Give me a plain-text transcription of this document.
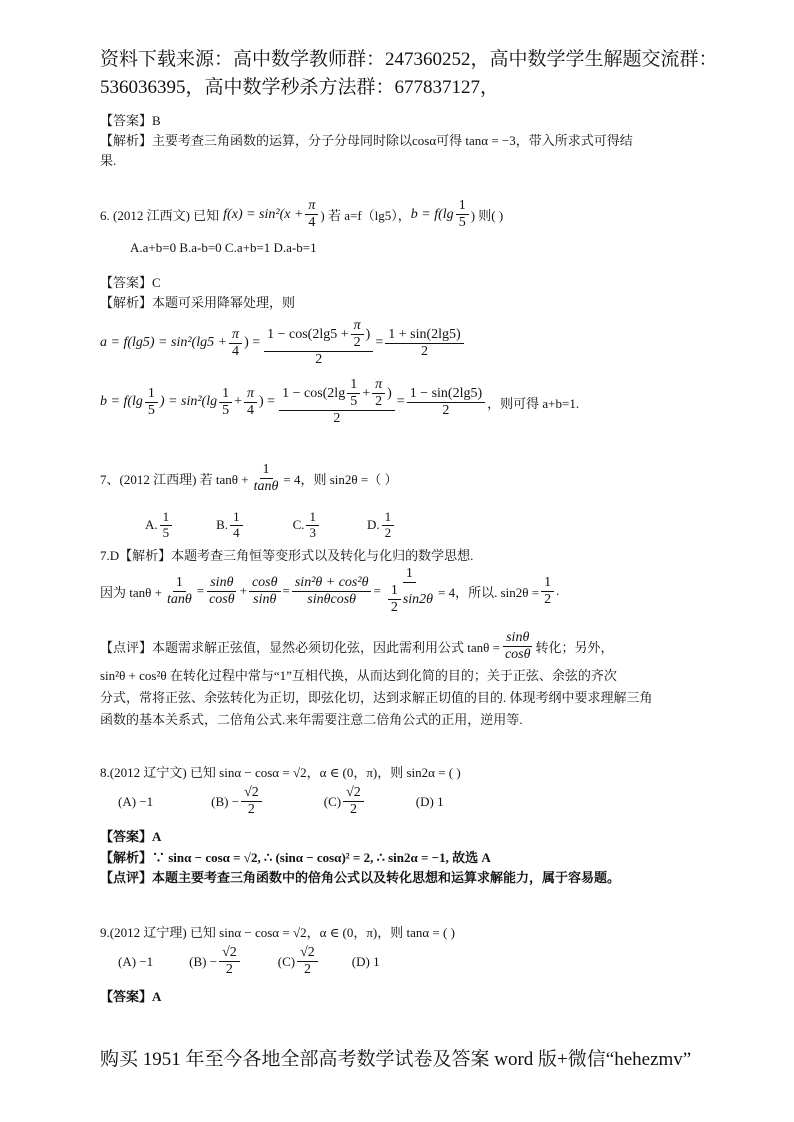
资料下载来源：高中数学教师群：247360252，高中数学学生解题交流群：
536036395，高中数学秒杀方法群：677837127，
【答案】B
【解析】主要考查三角函数的运算，分子分母同时除以cosα可得 tanα = −3，带入所求式可得结
果.
6. (2012 江西文) 已知 $f(x) = \sin^2(x + \frac{\pi}{4}$ ) 若 a=f（lg5）， $b = f(\lg \frac{1}{5}$ ) 则( )
A.a+b=0 B.a-b=0 C.a+b=1 D.a-b=1
【答案】C
【解析】本题可采用降幂处理，则
$a = f(\lg 5) = \sin^2(\lg 5 + \frac{\pi}{4}$ ) = $\frac{1 - \cos(2\lg 5 + \frac{\pi}{2} )}{2} = \frac{1 + \sin(2\lg 5)}{2}$
$b = f(\lg \frac{1}{5}$ ) = $\sin^2(\lg \frac{1}{5} + \frac{\pi}{4}$ ) = $\frac{1 - \cos(2\lg \frac{1}{5} + \frac{\pi}{2} )}{2} = \frac{1 - \sin(2\lg 5)}{2}$ ，则可得 a+b=1.
7、(2012 江西理) 若 $\tan\theta + \frac{1}{\tan\theta} = 4$，则 sin2θ =（ ）
A. $\frac{1}{5}$	B. $\frac{1}{4}$	C. $\frac{1}{3}$	D. $\frac{1}{2}$
7.D【解析】本题考查三角恒等变形式以及转化与化归的数学思想.
因为 $\tan\theta + \frac{1}{\tan\theta} = \frac{\sin\theta}{\cos\theta} + \frac{\cos\theta}{\sin\theta} = \frac{\text{sin²θ + cos²θ}}{\sin\theta\cos\theta} = \frac{1}{\frac{1}{2} \sin 2\theta} = 4$，所以. $\sin 2\theta = \frac{1}{2}$ .
【点评】本题需求解正弦值，显然必须切化弦，因此需利用公式 $\tan\theta = \frac{\sin\theta}{\cos\theta}$ 转化；另外，
sin²θ + cos²θ 在转化过程中常与“1”互相代换，从而达到化简的目的；关于正弦、余弦的齐次
分式，常将正弦、余弦转化为正切，即弦化切，达到求解正切值的目的. 体现考纲中要求理解三角
函数的基本关系式，二倍角公式.来年需要注意二倍角公式的正用，逆用等.
8.(2012 辽宁文) 已知 sinα − cosα = √2，α ∈ (0，π)，则 sin2α = ( )
(A) −1	$(B) - \frac{√2}{2}$	$(C) \frac{√2}{2}$	(D) 1
【答案】A
【解析】∵ sinα − cosα = √2, ∴ (sinα − cosα)² = 2, ∴ sin2α = −1, 故选 A
【点评】本题主要考查三角函数中的倍角公式以及转化思想和运算求解能力，属于容易题。
9.(2012 辽宁理) 已知 sinα − cosα = √2，α ∈ (0，π)，则 tanα = ( )
(A) −1	$(B) - \frac{√2}{2}$	$(C) \frac{√2}{2}$	(D) 1
【答案】A
购买 1951 年至今各地全部高考数学试卷及答案 word 版+微信“hehezmv”
